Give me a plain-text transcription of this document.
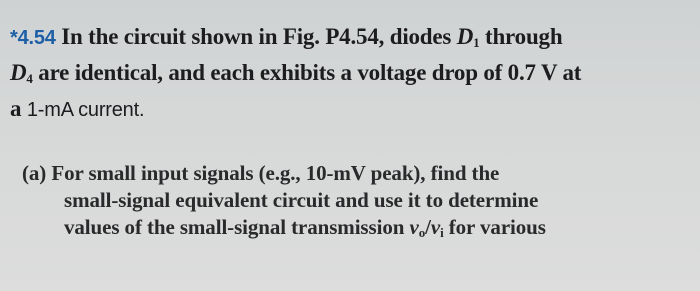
*4.54 In the circuit shown in Fig. P4.54, diodes $D_1$ through
$D_4$ are identical, and each exhibits a voltage drop of 0.7 V at
a 1-mA current.
(a) For small input signals (e.g., 10-mV peak), find the
small-signal equivalent circuit and use it to determine
values of the small-signal transmission $v_o/v_i$ for various
